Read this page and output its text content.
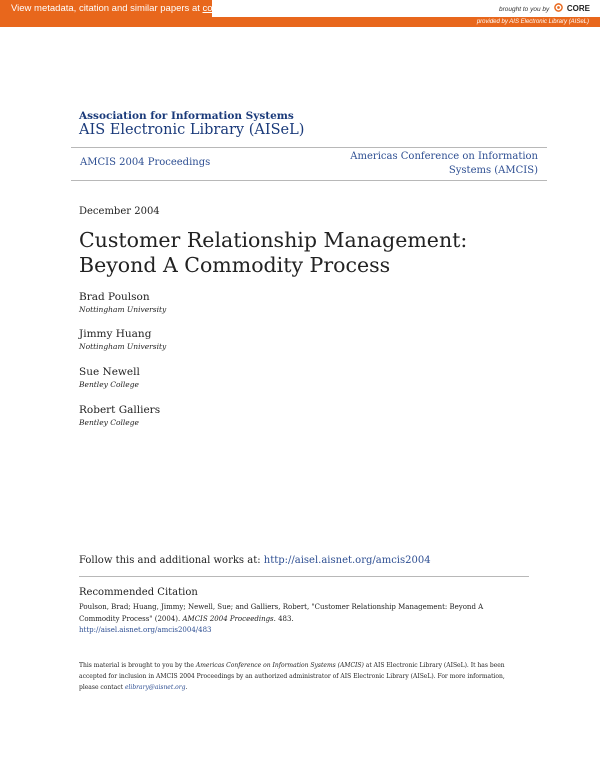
View metadata, citation and similar papers at core.ac.uk	brought to you by CORE
provided by AIS Electronic Library (AISeL)
Association for Information Systems
AIS Electronic Library (AISeL)
AMCIS 2004 Proceedings
Americas Conference on Information Systems (AMCIS)
December 2004
Customer Relationship Management: Beyond A Commodity Process
Brad Poulson
Nottingham University
Jimmy Huang
Nottingham University
Sue Newell
Bentley College
Robert Galliers
Bentley College
Follow this and additional works at: http://aisel.aisnet.org/amcis2004
Recommended Citation
Poulson, Brad; Huang, Jimmy; Newell, Sue; and Galliers, Robert, "Customer Relationship Management: Beyond A Commodity Process" (2004). AMCIS 2004 Proceedings. 483.
http://aisel.aisnet.org/amcis2004/483
This material is brought to you by the Americas Conference on Information Systems (AMCIS) at AIS Electronic Library (AISeL). It has been accepted for inclusion in AMCIS 2004 Proceedings by an authorized administrator of AIS Electronic Library (AISeL). For more information, please contact elibrary@aisnet.org.
